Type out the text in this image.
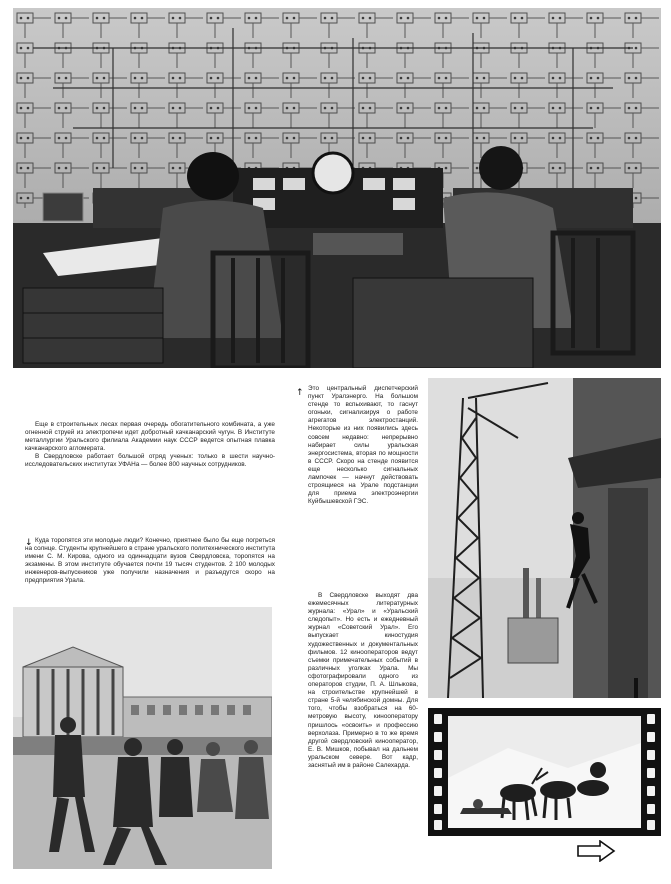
Еще в строительных лесах первая очередь обогатительного комбината, а уже огненной струей из электропечи идет добротный качканарский чугун. В Институте металлургии Уральского филиала Академии наук СССР ведется опытная плавка качканарского агломерата.

В Свердловске работает большой отряд ученых: только в шести научно-исследовательских институтах УФАНа — более 800 научных сотрудников.

↓ Куда торопятся эти молодые люди? Конечно, приятнее было бы еще погреться на солнце. Студенты крупнейшего в стране уральского политехнического института имени С. М. Кирова, одного из одиннадцати вузов Свердловска, торопятся на экзамены. В этом институте обучается почти 19 тысяч студентов. 2 100 молодых инженеров-выпускников уже получили назначения и разъедутся скоро на предприятия Урала.

↑ Это центральный диспетчерский пункт Уралэнерго. На большом стенде то вспыхивают, то гаснут огоньки, сигнализируя о работе агрегатов электростанций. Некоторые из них появились здесь совсем недавно: непрерывно набирает силы уральская энергосистема, вторая по мощности в СССР. Скоро на стенде появится еще несколько сигнальных лампочек — начнут действовать строящиеся на Урале подстанции для приема электроэнергии Куйбышевской ГЭС.

В Свердловске выходят два ежемесячных литературных журнала: «Урал» и «Уральский следопыт». Но есть и ежедневный журнал «Советский Урал». Его выпускает киностудия художественных и документальных фильмов. 12 кинооператоров ведут съемки примечательных событий в различных уголках Урала. Мы сфотографировали одного из операторов студии, П. А. Шлыкова, на строительстве крупнейшей в стране 5-й челябинской домны. Для того, чтобы взобраться на 60-метровую высоту, кинооператору пришлось «освоить» и профессию верхолаза. Примерно в то же время другой свердловский кинооператор, Е. В. Мишков, побывал на дальнем уральском севере. Вот кадр, заснятый им в районе Салехарда.
